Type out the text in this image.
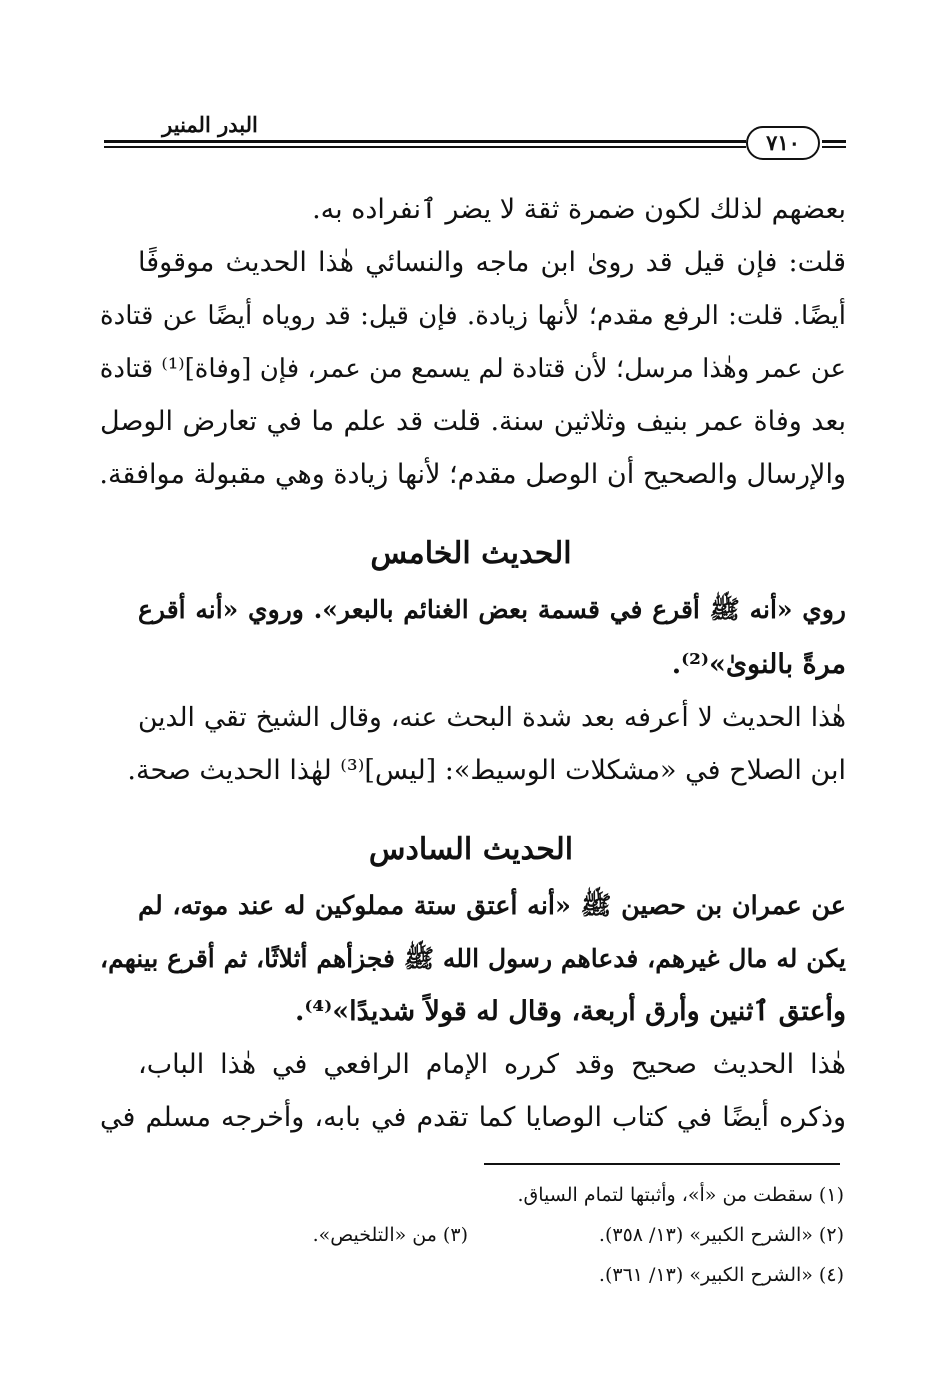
البدر المنير
٧١٠
بعضهم لذلك لكون ضمرة ثقة لا يضر ٱنفراده به.
قلت: فإن قيل قد رویٰ ابن ماجه والنسائي هٰذا الحديث موقوفًا
أيضًا. قلت: الرفع مقدم؛ لأنها زيادة. فإن قيل: قد روياه أيضًا عن قتادة
عن عمر وهٰذا مرسل؛ لأن قتادة لم يسمع من عمر، فإن [وفاة]⁽¹⁾ قتادة
بعد وفاة عمر بنيف وثلاثين سنة. قلت قد علم ما في تعارض الوصل
والإرسال والصحيح أن الوصل مقدم؛ لأنها زيادة وهي مقبولة موافقة.
الحديث الخامس
روي «أنه ﷺ أقرع في قسمة بعض الغنائم بالبعر». وروي «أنه أقرع
مرةً بالنویٰ»⁽²⁾.
هٰذا الحديث لا أعرفه بعد شدة البحث عنه، وقال الشيخ تقي الدين
ابن الصلاح في «مشكلات الوسيط»: [ليس]⁽³⁾ لهٰذا الحديث صحة.
الحديث السادس
عن عمران بن حصين ﷺ «أنه أعتق ستة مملوكين له عند موته، لم
يكن له مال غيرهم، فدعاهم رسول الله ﷺ فجزأهم أثلاثًا، ثم أقرع بينهم،
وأعتق ٱثنين وأرق أربعة، وقال له قولاً شديدًا»⁽⁴⁾.
هٰذا الحديث صحيح وقد كرره الإمام الرافعي في هٰذا الباب،
وذكره أيضًا في كتاب الوصايا كما تقدم في بابه، وأخرجه مسلم في
(١) سقطت من «أ»، وأثبتها لتمام السياق.
(٢) «الشرح الكبير» (١٣/ ٣٥٨).
(٣) من «التلخيص».
(٤) «الشرح الكبير» (١٣/ ٣٦١).
